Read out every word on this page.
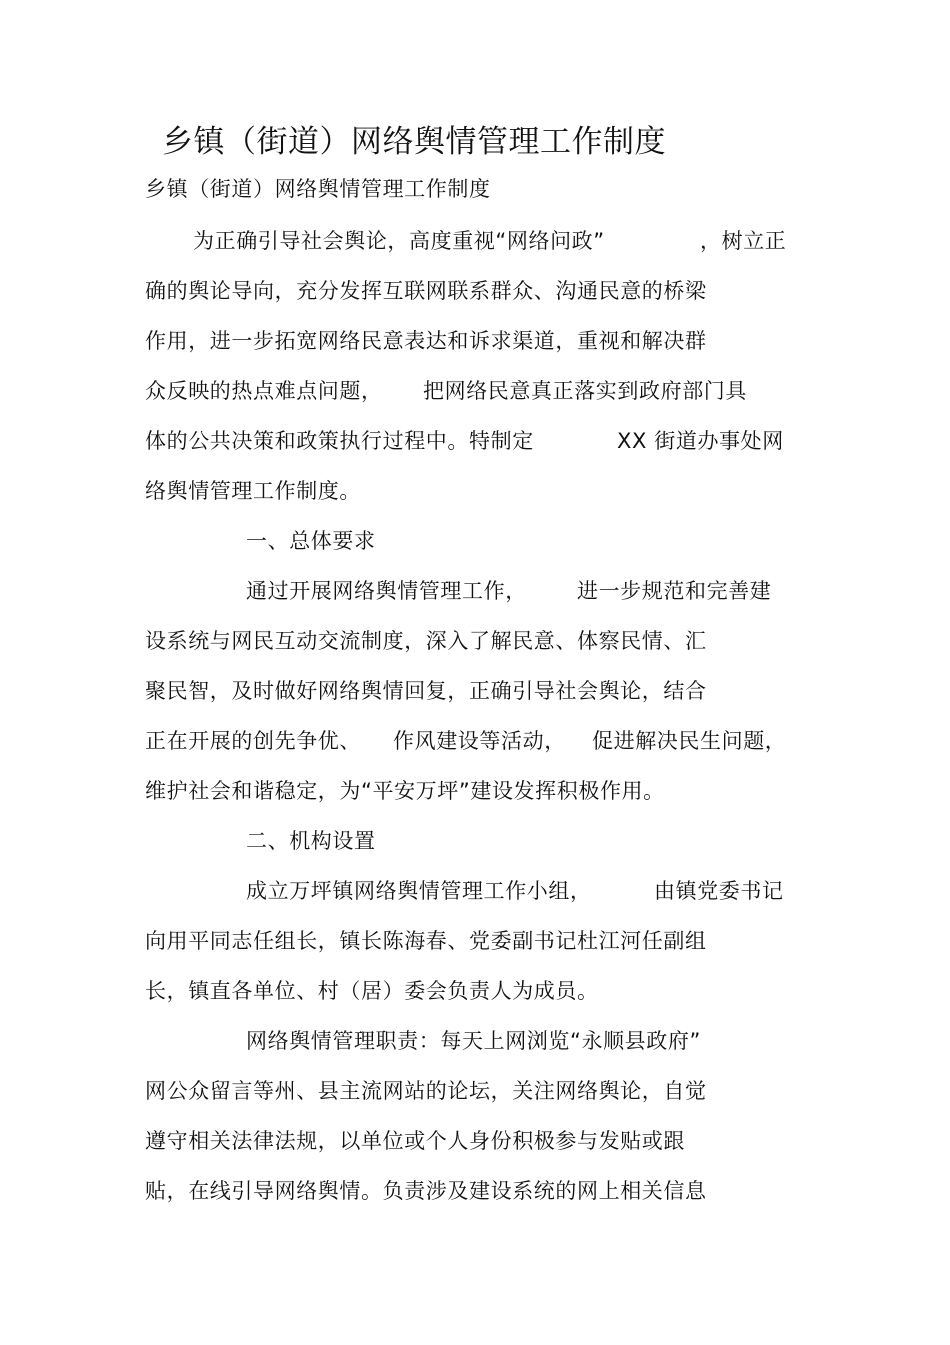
乡镇（街道）网络舆情管理工作制度
乡镇（街道）网络舆情管理工作制度
为正确引导社会舆论，高度重视“网络问政”	，树立正
确的舆论导向，充分发挥互联网联系群众、沟通民意的桥梁
作用，进一步拓宽网络民意表达和诉求渠道，重视和解决群
众反映的热点难点问题， 把网络民意真正落实到政府部门具
体的公共决策和政策执行过程中。特制定	XX 街道办事处网
络舆情管理工作制度。
一、总体要求
通过开展网络舆情管理工作， 进一步规范和完善建
设系统与网民互动交流制度，深入了解民意、体察民情、汇
聚民智，及时做好网络舆情回复，正确引导社会舆论，结合
正在开展的创先争优、 作风建设等活动， 促进解决民生问题，
维护社会和谐稳定，为“平安万坪”建设发挥积极作用。
二、机构设置
成立万坪镇网络舆情管理工作小组，	由镇党委书记
向用平同志任组长，镇长陈海春、党委副书记杜江河任副组
长，镇直各单位、村（居）委会负责人为成员。
网络舆情管理职责：每天上网浏览“永顺县政府”
网公众留言等州、县主流网站的论坛，关注网络舆论，自觉
遵守相关法律法规，以单位或个人身份积极参与发贴或跟
贴，在线引导网络舆情。负责涉及建设系统的网上相关信息
